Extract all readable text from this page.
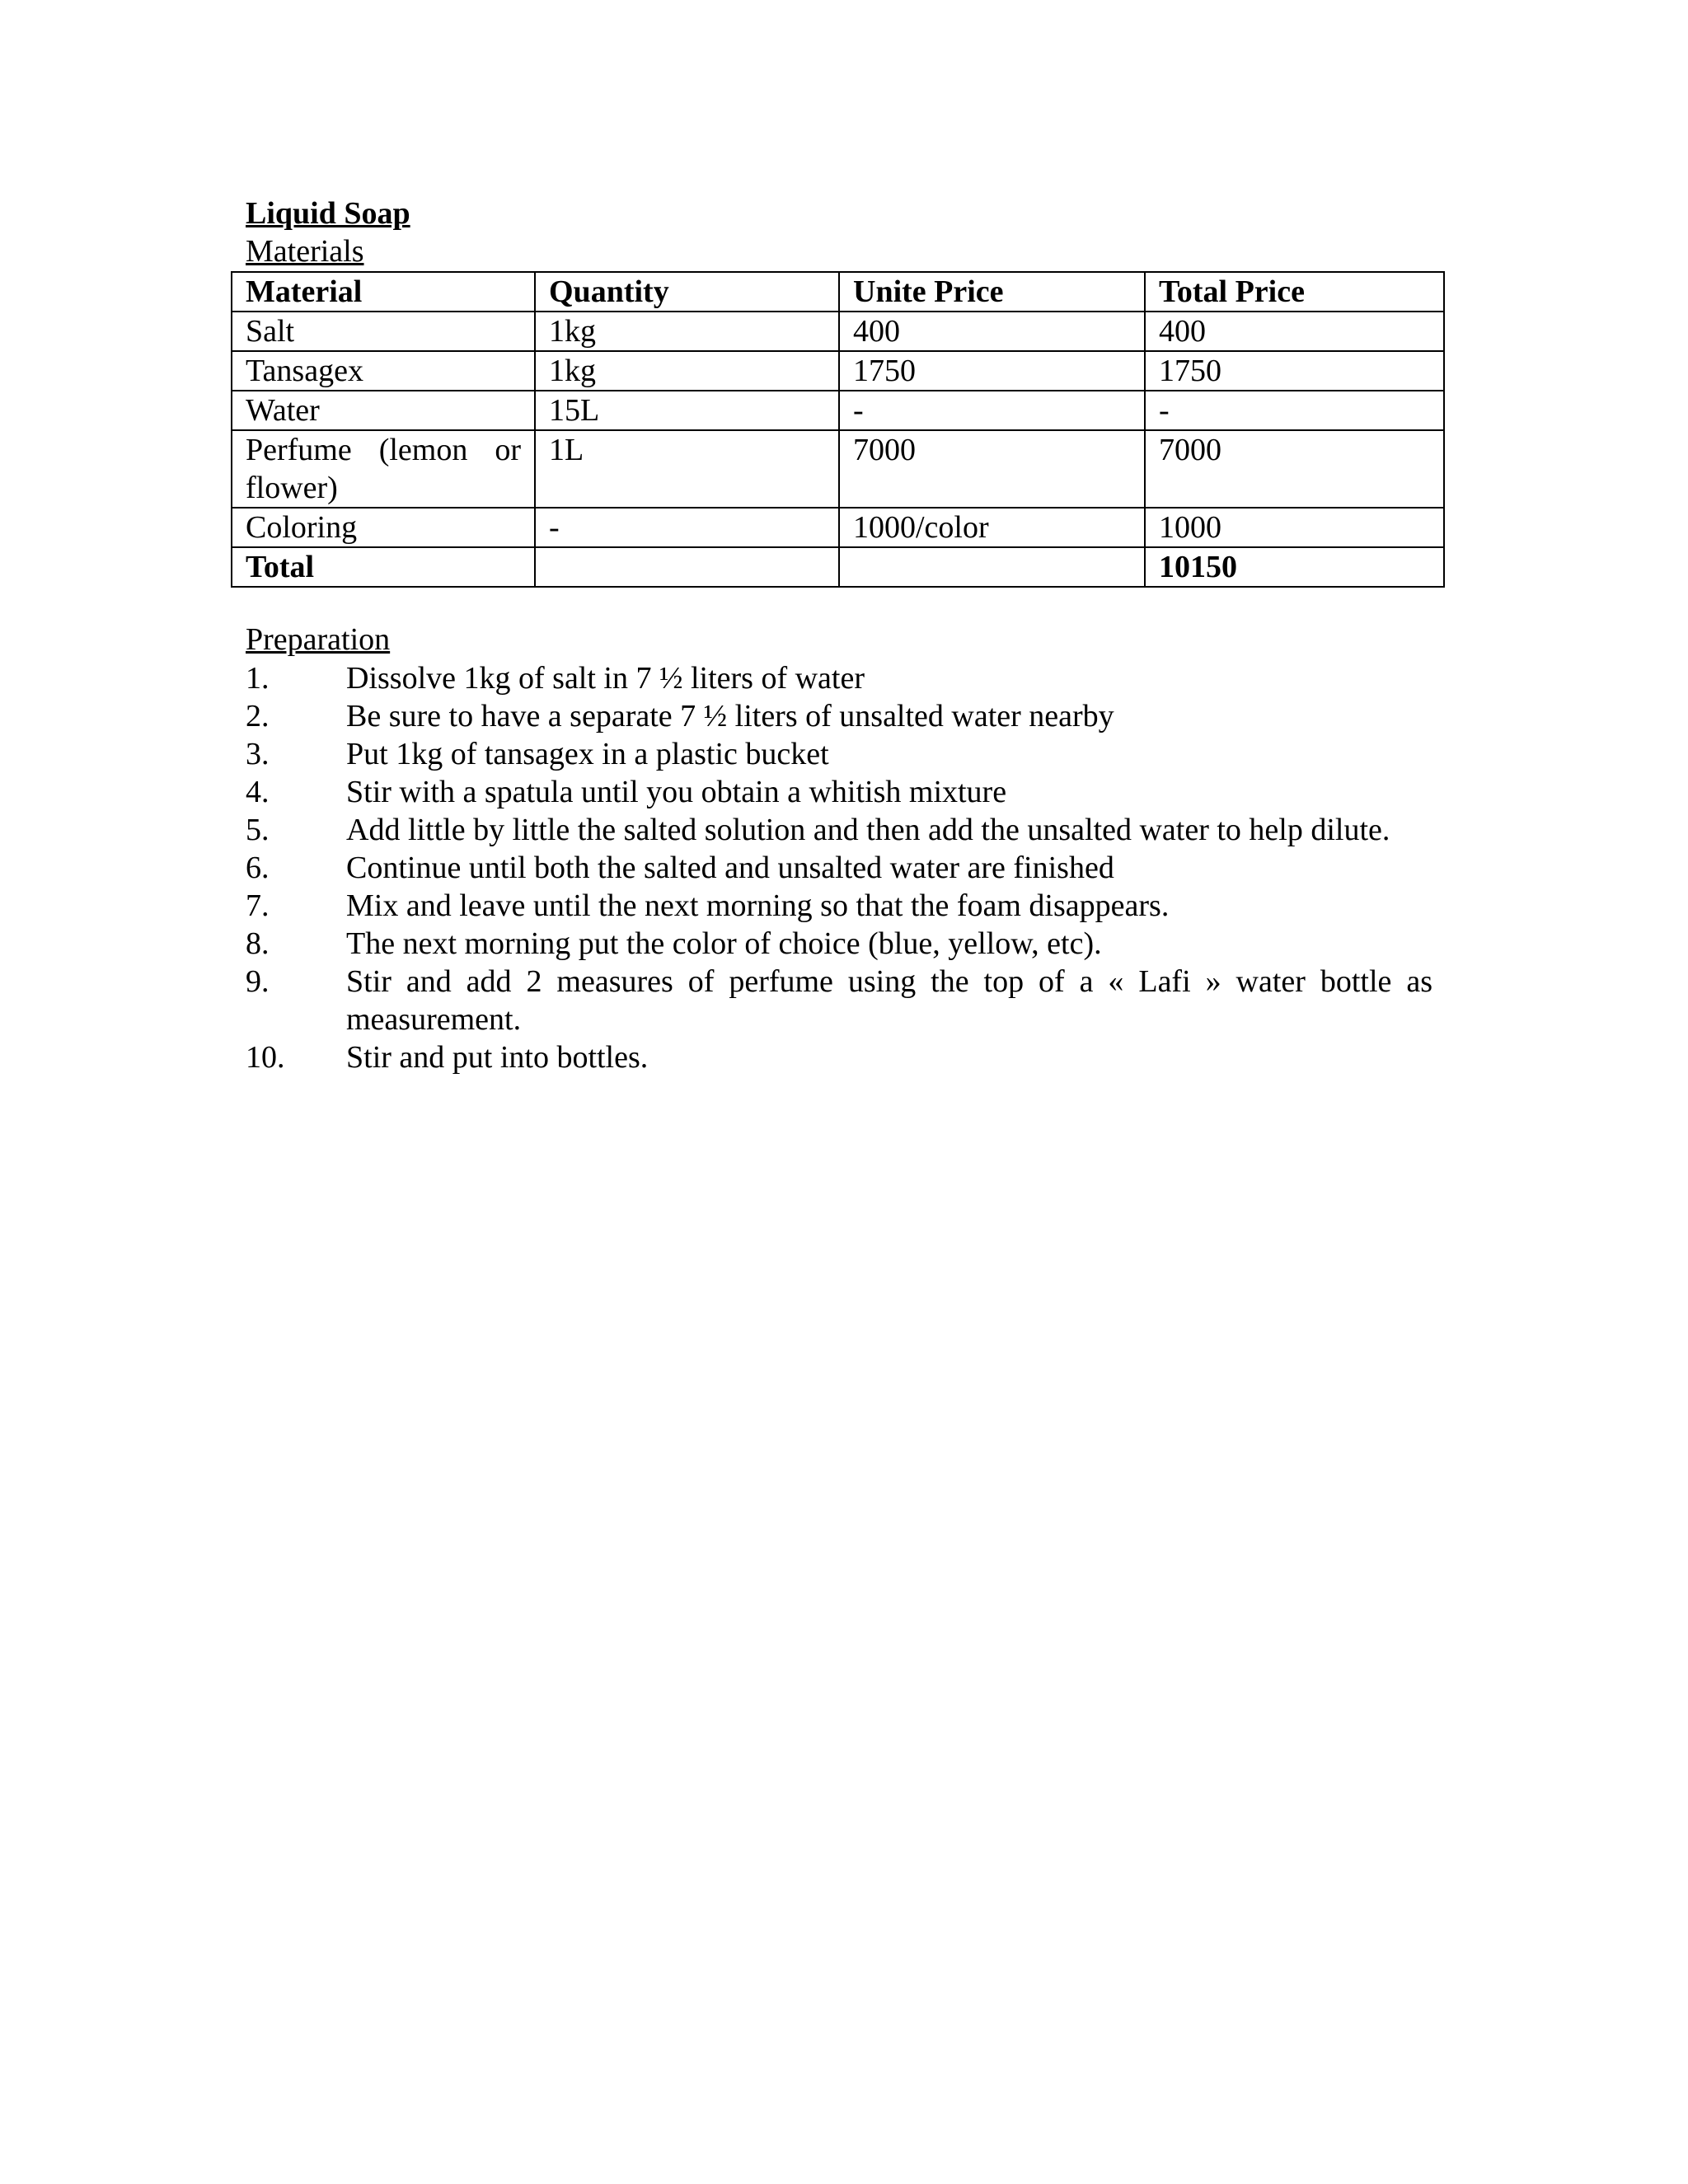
Liquid Soap
Materials
Material	Quantity	Unite Price	Total Price
Salt	1kg	400	400
Tansagex	1kg	1750	1750
Water	15L	-	-
Perfume (lemon or flower)	1L	7000	7000
Coloring	-	1000/color	1000
Total			10150
Preparation
1.	Dissolve 1kg of salt in 7 ½ liters of water
2.	Be sure to have a separate 7 ½ liters of unsalted water nearby
3.	Put 1kg of tansagex in a plastic bucket
4.	Stir with a spatula until you obtain a whitish mixture
5.	Add little by little the salted solution and then add the unsalted water to help dilute.
6.	Continue until both the salted and unsalted water are finished
7.	Mix and leave until the next morning so that the foam disappears.
8.	The next morning put the color of choice (blue, yellow, etc).
9.	Stir and add 2 measures of perfume using the top of a « Lafi » water bottle as measurement.
10.	Stir and put into bottles.
